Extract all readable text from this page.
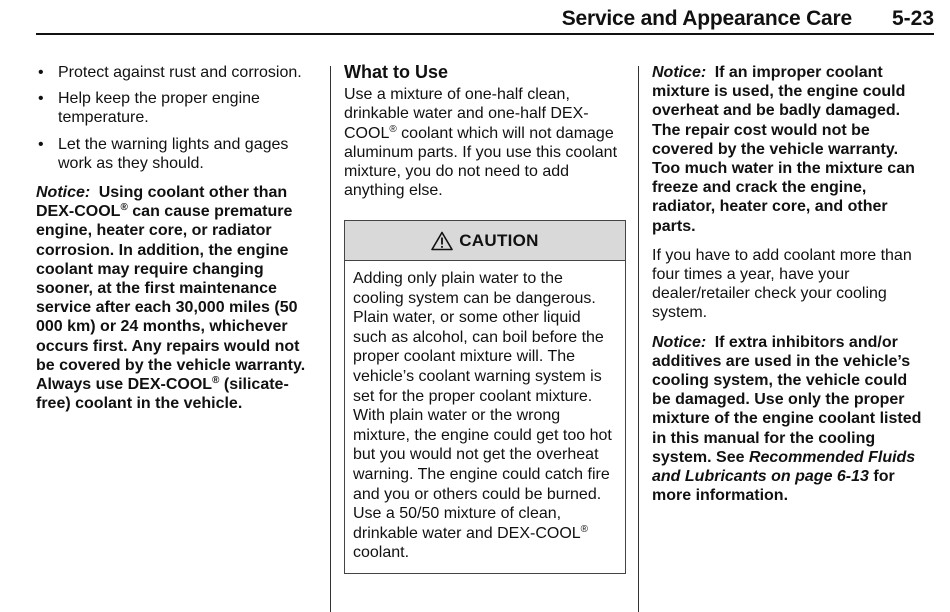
Service and Appearance Care 5-23
• Protect against rust and corrosion.
• Help keep the proper engine temperature.
• Let the warning lights and gages work as they should.

Notice: Using coolant other than DEX-COOL® can cause premature engine, heater core, or radiator corrosion. In addition, the engine coolant may require changing sooner, at the first maintenance service after each 30,000 miles (50 000 km) or 24 months, whichever occurs first. Any repairs would not be covered by the vehicle warranty. Always use DEX-COOL® (silicate-free) coolant in the vehicle.

What to Use

Use a mixture of one-half clean, drinkable water and one-half DEX-COOL® coolant which will not damage aluminum parts. If you use this coolant mixture, you do not need to add anything else.

CAUTION

Adding only plain water to the cooling system can be dangerous. Plain water, or some other liquid such as alcohol, can boil before the proper coolant mixture will. The vehicle’s coolant warning system is set for the proper coolant mixture. With plain water or the wrong mixture, the engine could get too hot but you would not get the overheat warning. The engine could catch fire and you or others could be burned. Use a 50/50 mixture of clean, drinkable water and DEX-COOL® coolant.

Notice: If an improper coolant mixture is used, the engine could overheat and be badly damaged. The repair cost would not be covered by the vehicle warranty. Too much water in the mixture can freeze and crack the engine, radiator, heater core, and other parts.

If you have to add coolant more than four times a year, have your dealer/retailer check your cooling system.

Notice: If extra inhibitors and/or additives are used in the vehicle’s cooling system, the vehicle could be damaged. Use only the proper mixture of the engine coolant listed in this manual for the cooling system. See Recommended Fluids and Lubricants on page 6-13 for more information.
